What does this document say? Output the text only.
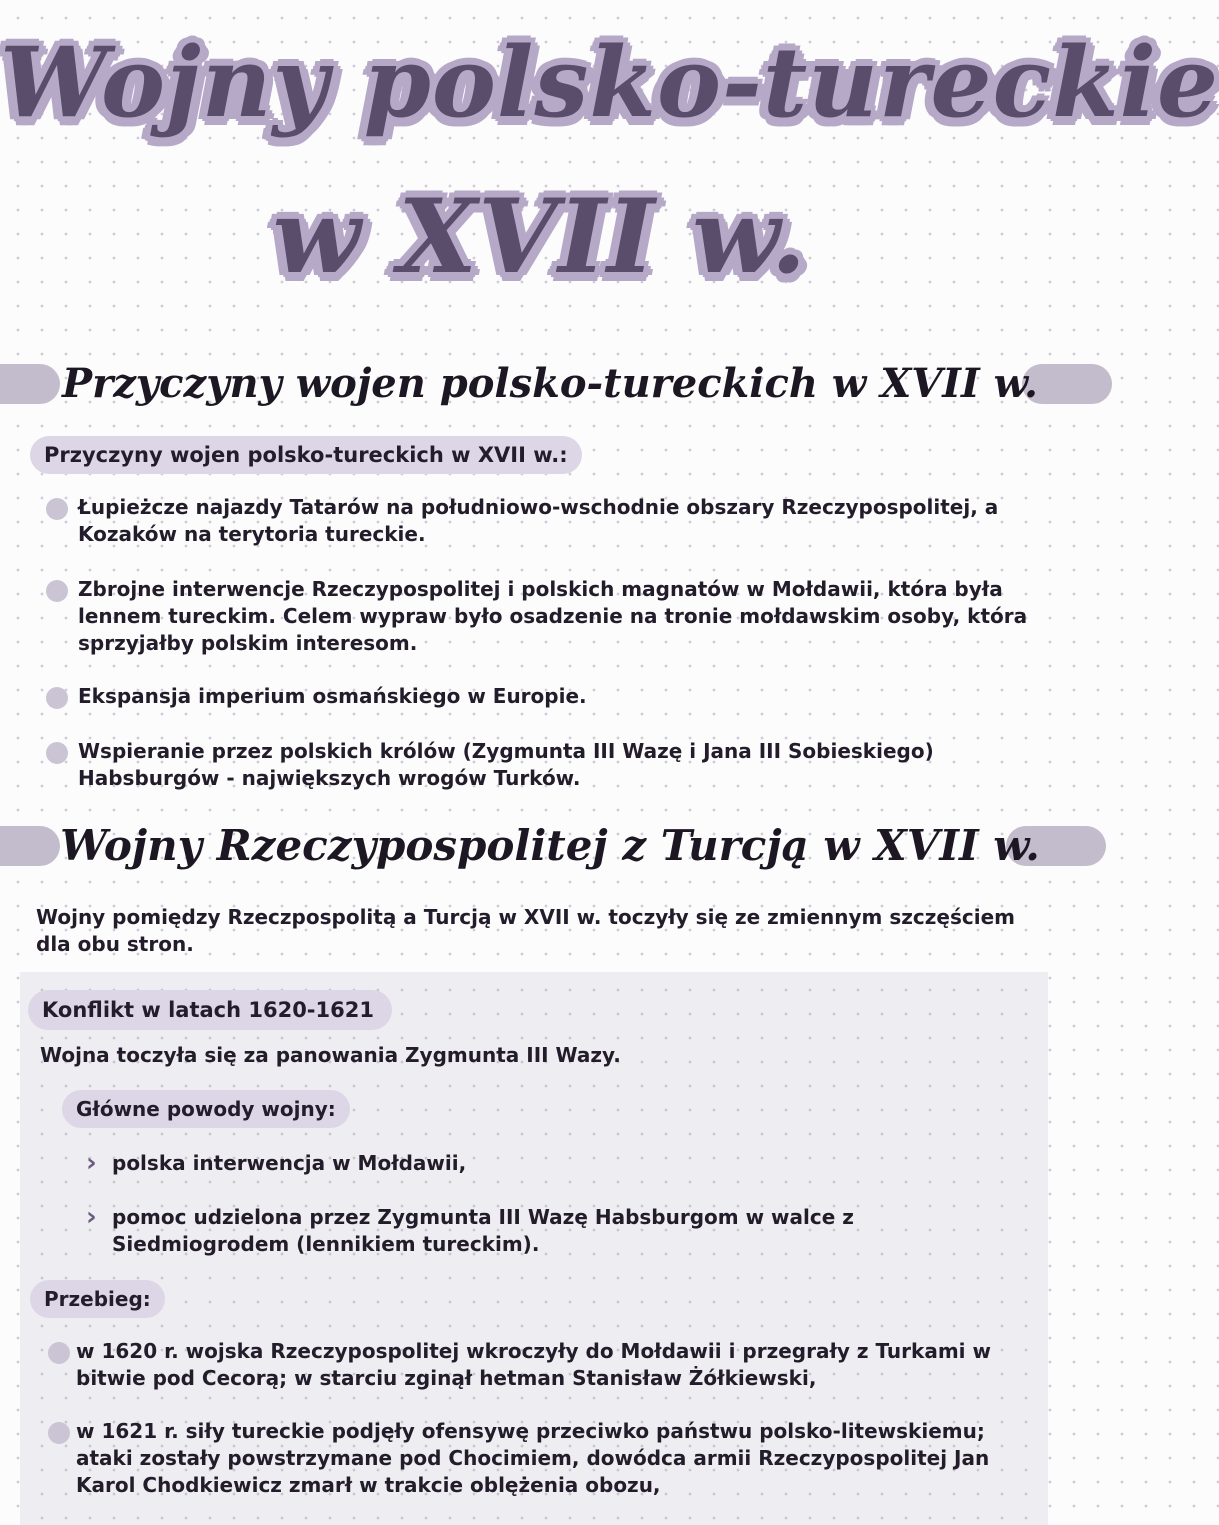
Wojny polsko-tureckie
w XVII w.
Przyczyny wojen polsko-tureckich w XVII w.
Przyczyny wojen polsko-tureckich w XVII w.:
Łupieżcze najazdy Tatarów na południowo-wschodnie obszary Rzeczypospolitej, a Kozaków na terytoria tureckie.
Zbrojne interwencje Rzeczypospolitej i polskich magnatów w Mołdawii, która była lennem tureckim. Celem wypraw było osadzenie na tronie mołdawskim osoby, która sprzyjałby polskim interesom.
Ekspansja imperium osmańskiego w Europie.
Wspieranie przez polskich królów (Zygmunta III Wazę i Jana III Sobieskiego) Habsburgów - największych wrogów Turków.
Wojny Rzeczypospolitej z Turcją w XVII w.
Wojny pomiędzy Rzeczpospolitą a Turcją w XVII w. toczyły się ze zmiennym szczęściem dla obu stron.
Konflikt w latach 1620-1621
Wojna toczyła się za panowania Zygmunta III Wazy.
Główne powody wojny:
› polska interwencja w Mołdawii,
› pomoc udzielona przez Zygmunta III Wazę Habsburgom w walce z Siedmiogrodem (lennikiem tureckim).
Przebieg:
w 1620 r. wojska Rzeczypospolitej wkroczyły do Mołdawii i przegrały z Turkami w bitwie pod Cecorą; w starciu zginął hetman Stanisław Żółkiewski,
w 1621 r. siły tureckie podjęły ofensywę przeciwko państwu polsko-litewskiemu; ataki zostały powstrzymane pod Chocimiem, dowódca armii Rzeczypospolitej Jan Karol Chodkiewicz zmarł w trakcie oblężenia obozu,
